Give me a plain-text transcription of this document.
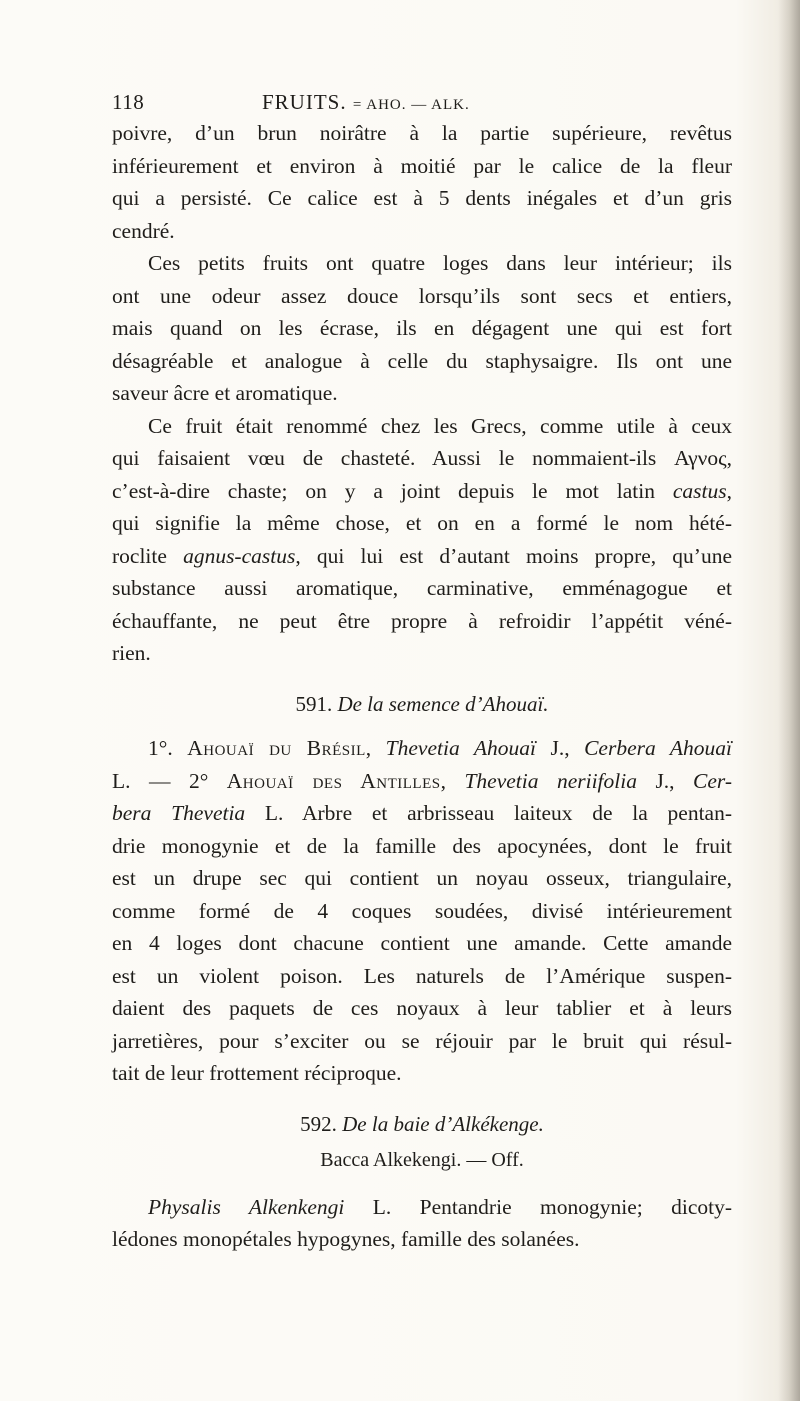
118	FRUITS. = AHO. — ALK.

poivre, d’un brun noirâtre à la partie supérieure, revêtus
inférieurement et environ à moitié par le calice de la fleur
qui a persisté. Ce calice est à 5 dents inégales et d’un gris
cendré.

Ces petits fruits ont quatre loges dans leur intérieur; ils
ont une odeur assez douce lorsqu’ils sont secs et entiers,
mais quand on les écrase, ils en dégagent une qui est fort
désagréable et analogue à celle du staphysaigre. Ils ont une
saveur âcre et aromatique.

Ce fruit était renommé chez les Grecs, comme utile à ceux
qui faisaient vœu de chasteté. Aussi le nommaient-ils Αγνος,
c’est-à-dire chaste; on y a joint depuis le mot latin castus,
qui signifie la même chose, et on en a formé le nom hété-
roclite agnus-castus, qui lui est d’autant moins propre, qu’une
substance aussi aromatique, carminative, emménagogue et
échauffante, ne peut être propre à refroidir l’appétit véné-
rien.

591. De la semence d’Ahouaï.

1°. Ahouaï du Brésil, Thevetia Ahouaï J., Cerbera Ahouaï
L. — 2° Ahouaï des Antilles, Thevetia neriifolia J., Cer-
bera Thevetia L. Arbre et arbrisseau laiteux de la pentan-
drie monogynie et de la famille des apocynées, dont le fruit
est un drupe sec qui contient un noyau osseux, triangulaire,
comme formé de 4 coques soudées, divisé intérieurement
en 4 loges dont chacune contient une amande. Cette amande
est un violent poison. Les naturels de l’Amérique suspen-
daient des paquets de ces noyaux à leur tablier et à leurs
jarretières, pour s’exciter ou se réjouir par le bruit qui résul-
tait de leur frottement réciproque.

592. De la baie d’Alkékenge.
Bacca Alkekengi. — Off.

Physalis Alkenkengi L. Pentandrie monogynie; dicoty-
lédones monopétales hypogynes, famille des solanées.
